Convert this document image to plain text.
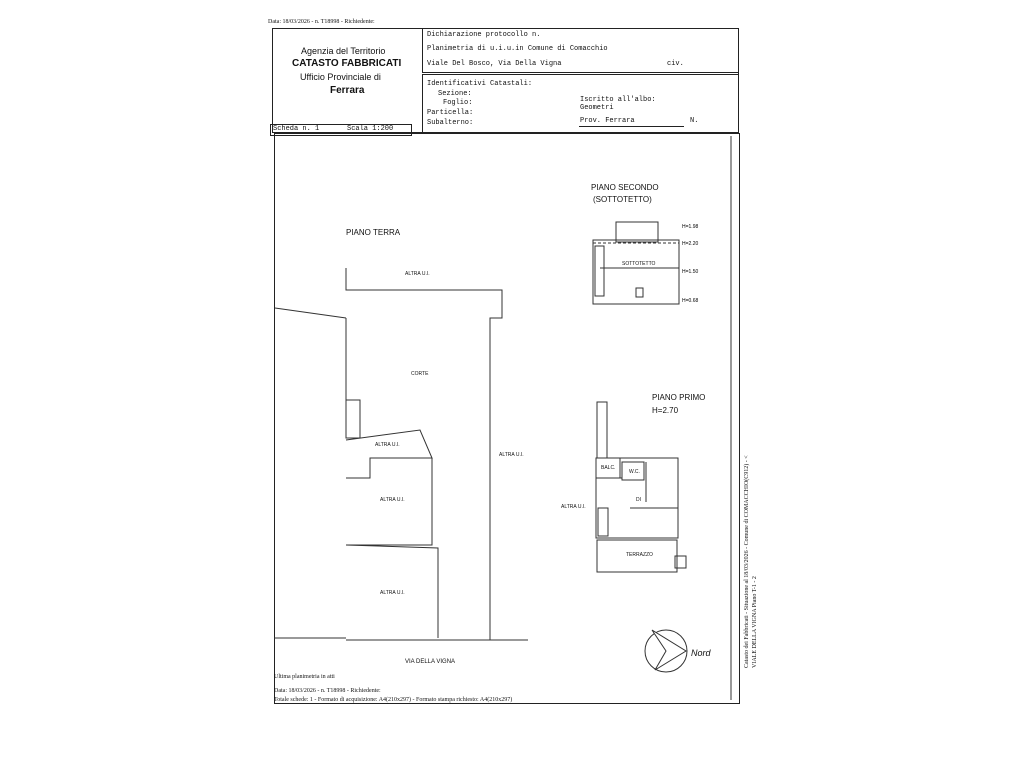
Data: 18/03/2026 - n. T18998 - Richiedente:
Agenzia del Territorio
CATASTO FABBRICATI
Ufficio Provinciale di
Ferrara
Dichiarazione protocollo n.
Planimetria di u.i.u.in Comune di Comacchio
Viale Del Bosco, Via Della Vigna	civ.
Identificativi Catastali:
Sezione:
Foglio:
Particella:
Subalterno:
Iscritto all'albo:
Geometri
Prov. Ferrara	N.
Scheda n. 1	Scala 1:200
H=1.98
H=2.20
H=1.50
H=0.68
PIANO TERRA
PIANO SECONDO
(SOTTOTETTO)
PIANO PRIMO
H=2.70
ALTRA U.I.
CORTE
ALTRA U.I.
ALTRA U.I.
ALTRA U.I.
ALTRA U.I.
VIA DELLA VIGNA
SOTTOTETTO
BALC.
W.C.
DI
ALTRA U.I.
TERRAZZO
Nord
Ultima planimetria in atti
Data: 18/03/2026 - n. T18998 - Richiedente:
Totale schede: 1 - Formato di acquisizione: A4(210x297) - Formato stampa richiesto: A4(210x297)
Catasto dei Fabbricati - Situazione al 18/03/2026 - Comune di COMACCHIO(C912) - < VIALE DELLA VIGNA Piano T-1 - 2
